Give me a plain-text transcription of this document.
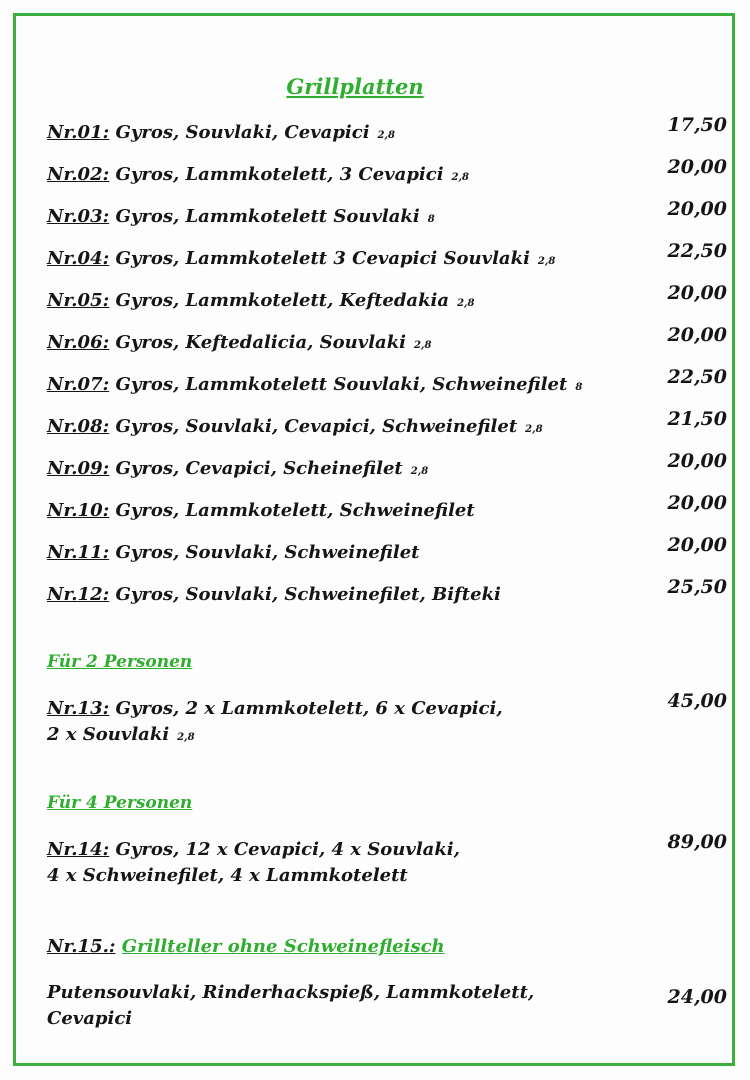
Grillplatten
Nr.01: Gyros, Souvlaki, Cevapici 2,8	17,50
Nr.02: Gyros, Lammkotelett, 3 Cevapici 2,8	20,00
Nr.03: Gyros, Lammkotelett Souvlaki 8	20,00
Nr.04: Gyros, Lammkotelett 3 Cevapici Souvlaki 2,8	22,50
Nr.05: Gyros, Lammkotelett, Keftedakia 2,8	20,00
Nr.06: Gyros, Keftedalicia, Souvlaki 2,8	20,00
Nr.07: Gyros, Lammkotelett Souvlaki, Schweinefilet 8	22,50
Nr.08: Gyros, Souvlaki, Cevapici, Schweinefilet 2,8	21,50
Nr.09: Gyros, Cevapici, Scheinefilet 2,8	20,00
Nr.10: Gyros, Lammkotelett, Schweinefilet	20,00
Nr.11: Gyros, Souvlaki, Schweinefilet	20,00
Nr.12: Gyros, Souvlaki, Schweinefilet, Bifteki	25,50
Für 2 Personen
Nr.13: Gyros, 2 x Lammkotelett, 6 x Cevapici,
2 x Souvlaki 2,8
45,00
Für 4 Personen
Nr.14: Gyros, 12 x Cevapici, 4 x Souvlaki,
4 x Schweinefilet, 4 x Lammkotelett
89,00
Nr.15.: Grillteller ohne Schweinefleisch
Putensouvlaki, Rinderhackspieß, Lammkotelett,
Cevapici
24,00
